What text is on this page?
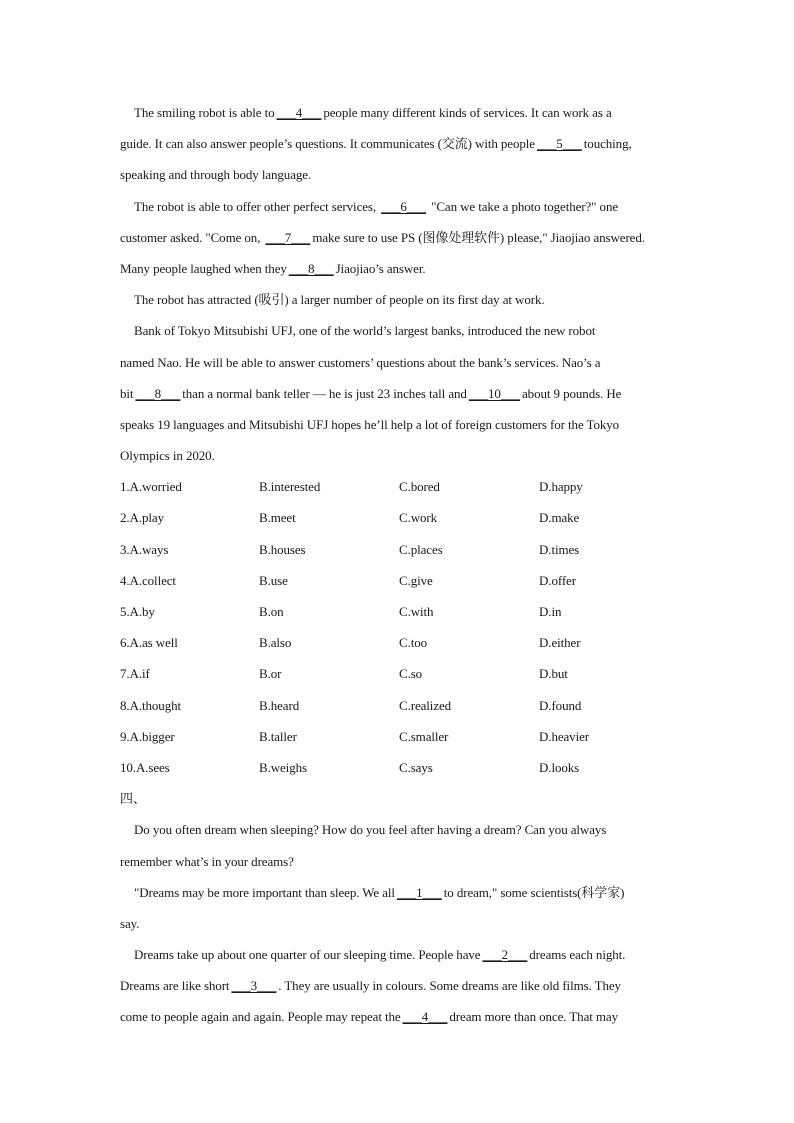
The smiling robot is able to ___4___ people many different kinds of services. It can work as a
guide. It can also answer people’s questions. It communicates (交流) with people ___5___ touching,
speaking and through body language.
The robot is able to offer other perfect services, ___6___ "Can we take a photo together?" one
customer asked. "Come on, ___7___ make sure to use PS (图像处理软件) please," Jiaojiao answered.
Many people laughed when they ___8___ Jiaojiao’s answer.
The robot has attracted (吸引) a larger number of people on its first day at work.
Bank of Tokyo Mitsubishi UFJ, one of the world’s largest banks, introduced the new robot
named Nao. He will be able to answer customers’ questions about the bank’s services. Nao’s a
bit ___8___ than a normal bank teller — he is just 23 inches tall and ___10___ about 9 pounds. He
speaks 19 languages and Mitsubishi UFJ hopes he’ll help a lot of foreign customers for the Tokyo
Olympics in 2020.
1.A.worried	B.interested	C.bored	D.happy
2.A.play	B.meet	C.work	D.make
3.A.ways	B.houses	C.places	D.times
4.A.collect	B.use	C.give	D.offer
5.A.by	B.on	C.with	D.in
6.A.as well	B.also	C.too	D.either
7.A.if	B.or	C.so	D.but
8.A.thought	B.heard	C.realized	D.found
9.A.bigger	B.taller	C.smaller	D.heavier
10.A.sees	B.weighs	C.says	D.looks
四、
Do you often dream when sleeping? How do you feel after having a dream? Can you always
remember what’s in your dreams?
"Dreams may be more important than sleep. We all ___1___ to dream," some scientists(科学家)
say.
Dreams take up about one quarter of our sleeping time. People have ___2___ dreams each night.
Dreams are like short ___3___ . They are usually in colours. Some dreams are like old films. They
come to people again and again. People may repeat the ___4___ dream more than once. That may
